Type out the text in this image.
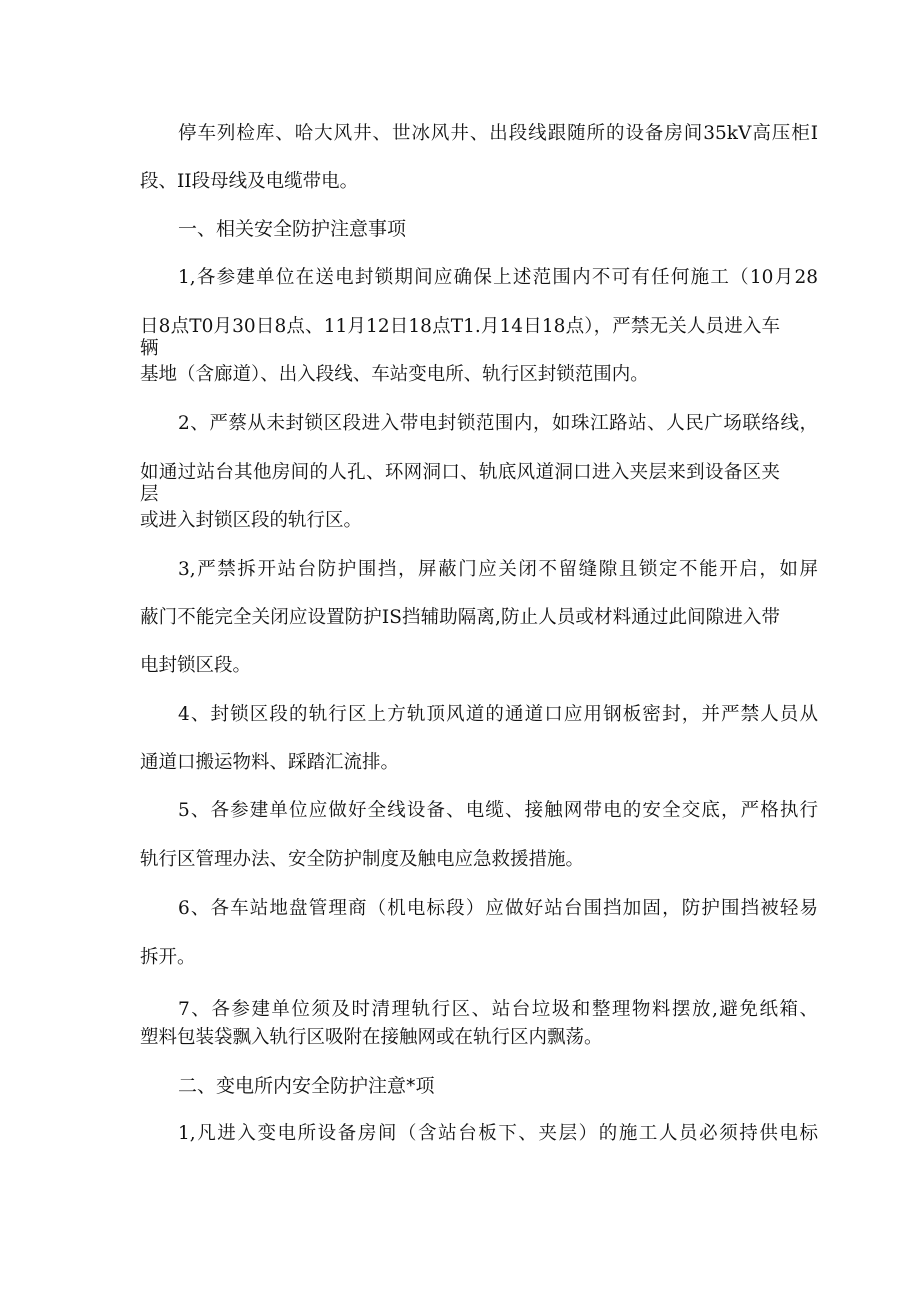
停车列检库、哈大风井、世冰风井、出段线跟随所的设备房间35kV高压柜I

段、II段母线及电缆带电。

一、相关安全防护注意事项

1,各参建单位在送电封锁期间应确保上述范围内不可有任何施工（10月28

日8点T0月30日8点、11月12日18点T1.月14日18点），严禁无关人员进入车辆

基地（含廊道）、出入段线、车站变电所、轨行区封锁范围内。

2、严蔡从未封锁区段进入带电封锁范围内，如珠江路站、人民广场联络线，

如通过站台其他房间的人孔、环网洞口、轨底风道洞口进入夹层来到设备区夹层

或进入封锁区段的轨行区。

3,严禁拆开站台防护围挡，屏蔽门应关闭不留缝隙且锁定不能开启，如屏

蔽门不能完全关闭应设置防护IS挡辅助隔离,防止人员或材料通过此间隙进入带

电封锁区段。

4、封锁区段的轨行区上方轨顶风道的通道口应用钢板密封，并严禁人员从

通道口搬运物料、踩踏汇流排。

5、各参建单位应做好全线设备、电缆、接触网带电的安全交底，严格执行

轨行区管理办法、安全防护制度及触电应急救援措施。

6、各车站地盘管理商（机电标段）应做好站台围挡加固，防护围挡被轻易

拆开。

7、各参建单位须及时清理轨行区、站台垃圾和整理物料摆放,避免纸箱、

塑料包装袋飘入轨行区吸附在接触网或在轨行区内飘荡。

二、变电所内安全防护注意*项

1,凡进入变电所设备房间（含站台板下、夹层）的施工人员必须持供电标
